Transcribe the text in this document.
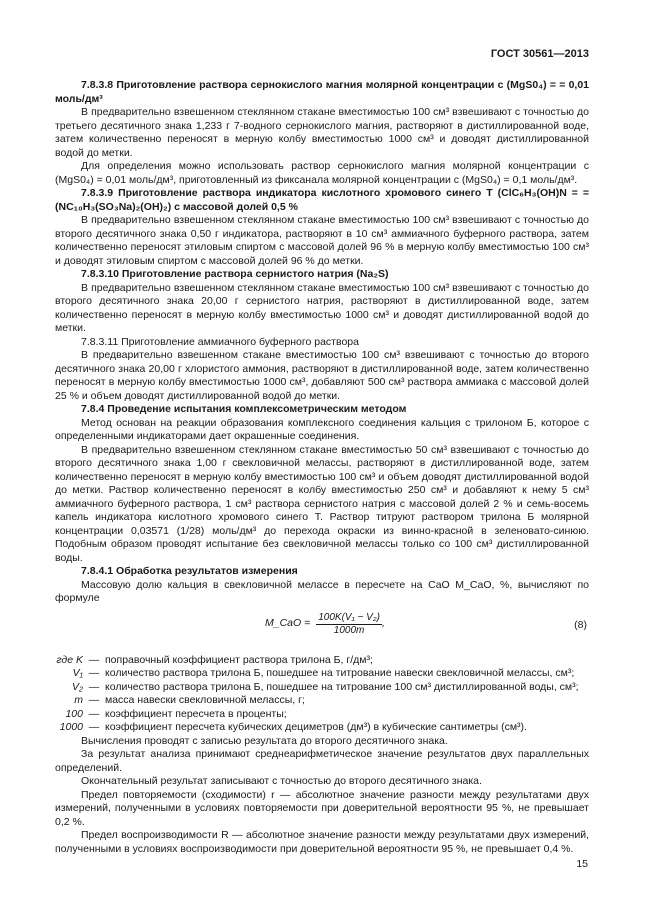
ГОСТ 30561—2013

7.8.3.8 Приготовление раствора сернокислого магния молярной концентрации с (MgS0₄) = = 0,01 моль/дм³

В предварительно взвешенном стеклянном стакане вместимостью 100 см³ взвешивают с точностью до третьего десятичного знака 1,233 г 7-водного сернокислого магния, растворяют в дистиллированной воде, затем количественно переносят в мерную колбу вместимостью 1000 см³ и доводят дистиллированной водой до метки.

Для определения можно использовать раствор сернокислого магния молярной концентрации c (MgS0₄) = 0,01 моль/дм³, приготовленный из фиксанала молярной концентрации c (MgS0₄) = 0,1 моль/дм³.

7.8.3.9 Приготовление раствора индикатора кислотного хромового синего Т (ClC₆H₃(OH)N = = (NC₁₀H₃(SO₃Na)₂(OH)₂) с массовой долей 0,5 %

В предварительно взвешенном стеклянном стакане вместимостью 100 см³ взвешивают с точностью до второго десятичного знака 0,50 г индикатора, растворяют в 10 см³ аммиачного буферного раствора, затем количественно переносят этиловым спиртом с массовой долей 96 % в мерную колбу вместимостью 100 см³ и доводят этиловым спиртом с массовой долей 96 % до метки.

7.8.3.10 Приготовление раствора сернистого натрия (Na₂S)

В предварительно взвешенном стеклянном стакане вместимостью 100 см³ взвешивают с точностью до второго десятичного знака 20,00 г сернистого натрия, растворяют в дистиллированной воде, затем количественно переносят в мерную колбу вместимостью 1000 см³ и доводят дистиллированной водой до метки.

7.8.3.11 Приготовление аммиачного буферного раствора

В предварительно взвешенном стакане вместимостью 100 см³ взвешивают с точностью до второго десятичного знака 20,00 г хлористого аммония, растворяют в дистиллированной воде, затем количественно переносят в мерную колбу вместимостью 1000 см³, добавляют 500 см³ раствора аммиака с массовой долей 25 % и объем доводят дистиллированной водой до метки.

7.8.4 Проведение испытания комплексометрическим методом

Метод основан на реакции образования комплексного соединения кальция с трилоном Б, которое с определенными индикаторами дает окрашенные соединения.

В предварительно взвешенном стеклянном стакане вместимостью 50 см³ взвешивают с точностью до второго десятичного знака 1,00 г свекловичной мелассы, растворяют в дистиллированной воде, затем количественно переносят в мерную колбу вместимостью 100 см³ и объем доводят дистиллированной водой до метки. Раствор количественно переносят в колбу вместимостью 250 см³ и добавляют к нему 5 см³ аммиачного буферного раствора, 1 см³ раствора сернистого натрия с массовой долей 2 % и семь-восемь капель индикатора кислотного хромового синего Т. Раствор титруют раствором трилона Б молярной концентрации 0,03571 (1/28) моль/дм³ до перехода окраски из винно-красной в зеленовато-синюю. Подобным образом проводят испытание без свекловичной мелассы только со 100 см³ дистиллированной воды.

7.8.4.1 Обработка результатов измерения

Массовую долю кальция в свекловичной мелассе в пересчете на CaO M_CaO, %, вычисляют по формуле

M_CaO = $\frac{\text{100K(V₁ − V₂)}}{1000m}$ ,	(8)
где K — поправочный коэффициент раствора трилона Б, г/дм³;
V₁ — количество раствора трилона Б, пошедшее на титрование навески свекловичной мелассы, см³;
V₂ — количество раствора трилона Б, пошедшее на титрование 100 см³ дистиллированной воды, см³;
m — масса навески свекловичной мелассы, г;
100 — коэффициент пересчета в проценты;
1000 — коэффициент пересчета кубических дециметров (дм³) в кубические сантиметры (см³).

Вычисления проводят с записью результата до второго десятичного знака.

За результат анализа принимают среднеарифметическое значение результатов двух параллельных определений.

Окончательный результат записывают с точностью до второго десятичного знака.

Предел повторяемости (сходимости) r — абсолютное значение разности между результатами двух измерений, полученными в условиях повторяемости при доверительной вероятности 95 %, не превышает 0,2 %.

Предел воспроизводимости R — абсолютное значение разности между результатами двух измерений, полученными в условиях воспроизводимости при доверительной вероятности 95 %, не превышает 0,4 %.

15
